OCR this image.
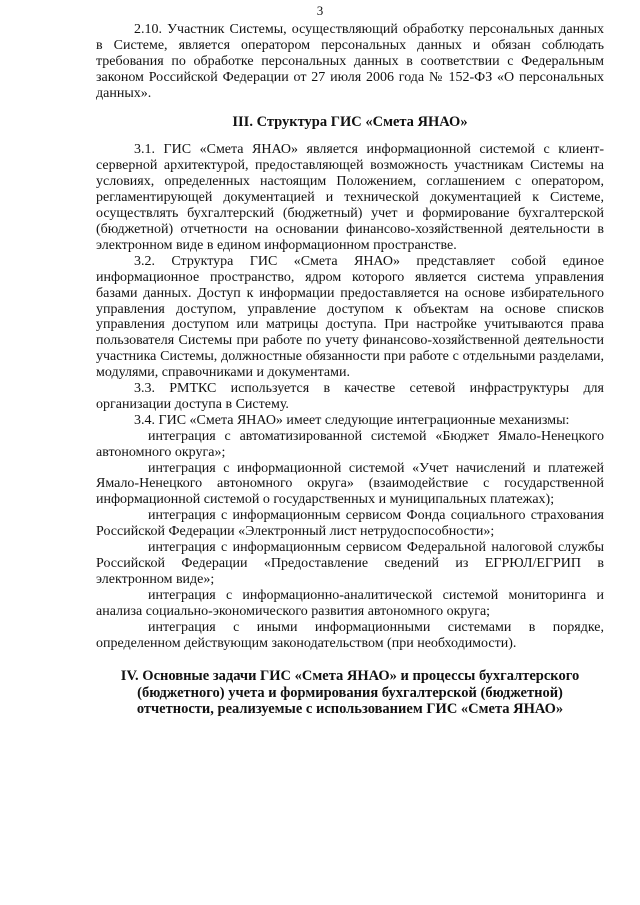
3

2.10. Участник Системы, осуществляющий обработку персональных данных в Системе, является оператором персональных данных и обязан соблюдать требования по обработке персональных данных в соответствии с Федеральным законом Российской Федерации от 27 июля 2006 года № 152-ФЗ «О персональных данных».

III. Структура ГИС «Смета ЯНАО»

3.1. ГИС «Смета ЯНАО» является информационной системой с клиент-серверной архитектурой, предоставляющей возможность участникам Системы на условиях, определенных настоящим Положением, соглашением с оператором, регламентирующей документацией и технической документацией к Системе, осуществлять бухгалтерский (бюджетный) учет и формирование бухгалтерской (бюджетной) отчетности на основании финансово-хозяйственной деятельности в электронном виде в едином информационном пространстве.

3.2. Структура ГИС «Смета ЯНАО» представляет собой единое информационное пространство, ядром которого является система управления базами данных. Доступ к информации предоставляется на основе избирательного управления доступом, управление доступом к объектам на основе списков управления доступом или матрицы доступа. При настройке учитываются права пользователя Системы при работе по учету финансово-хозяйственной деятельности участника Системы, должностные обязанности при работе с отдельными разделами, модулями, справочниками и документами.

3.3. РМТКС используется в качестве сетевой инфраструктуры для организации доступа в Систему.

3.4. ГИС «Смета ЯНАО» имеет следующие интеграционные механизмы:

интеграция с автоматизированной системой «Бюджет Ямало-Ненецкого автономного округа»;

интеграция с информационной системой «Учет начислений и платежей Ямало-Ненецкого автономного округа» (взаимодействие с государственной информационной системой о государственных и муниципальных платежах);

интеграция с информационным сервисом Фонда социального страхования Российской Федерации «Электронный лист нетрудоспособности»;

интеграция с информационным сервисом Федеральной налоговой службы Российской Федерации «Предоставление сведений из ЕГРЮЛ/ЕГРИП в электронном виде»;

интеграция с информационно-аналитической системой мониторинга и анализа социально-экономического развития автономного округа;

интеграция с иными информационными системами в порядке, определенном действующим законодательством (при необходимости).

IV. Основные задачи ГИС «Смета ЯНАО» и процессы бухгалтерского (бюджетного) учета и формирования бухгалтерской (бюджетной) отчетности, реализуемые с использованием ГИС «Смета ЯНАО»
